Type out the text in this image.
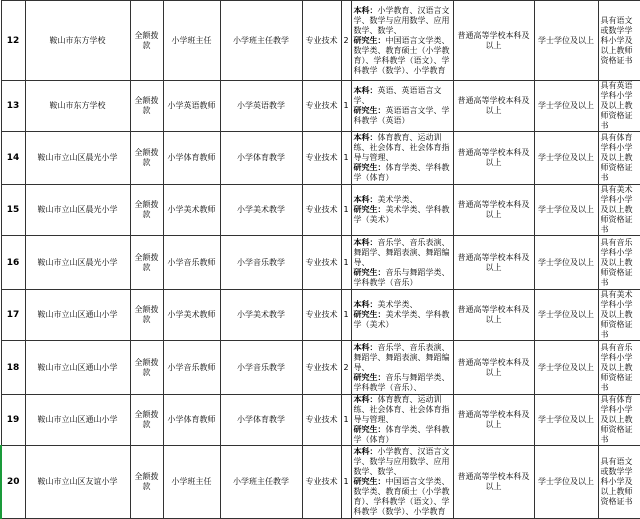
12	鞍山市东方学校	全额拨款	小学班主任	小学班主任教学	专业技术	2	本科：小学教育、汉语言文学、数学与应用数学、应用数学、数学、
研究生：中国语言文学类、数学类、教育硕士（小学教育）、学科教学（语文）、学科教学（数学）、小学教育	普通高等学校本科及以上	学士学位及以上	具有语文或数学学科小学及以上教师资格证书
13	鞍山市东方学校	全额拨款	小学英语教师	小学英语教学	专业技术	1	本科：英语、英语语言文学、
研究生：英语语言文学、学科教学（英语）	普通高等学校本科及以上	学士学位及以上	具有英语学科小学及以上教师资格证书
14	鞍山市立山区晨光小学	全额拨款	小学体育教师	小学体育教学	专业技术	1	本科：体育教育、运动训练、社会体育、社会体育指导与管理、
研究生：体育学类、学科教学（体育）	普通高等学校本科及以上	学士学位及以上	具有体育学科小学及以上教师资格证书
15	鞍山市立山区晨光小学	全额拨款	小学美术教师	小学美术教学	专业技术	1	本科：美术学类、
研究生：美术学类、学科教学（美术）	普通高等学校本科及以上	学士学位及以上	具有美术学科小学及以上教师资格证书
16	鞍山市立山区晨光小学	全额拨款	小学音乐教师	小学音乐教学	专业技术	1	本科：音乐学、音乐表演、舞蹈学、舞蹈表演、舞蹈编导、
研究生：音乐与舞蹈学类、学科教学（音乐）	普通高等学校本科及以上	学士学位及以上	具有音乐学科小学及以上教师资格证书
17	鞍山市立山区通山小学	全额拨款	小学美术教师	小学美术教学	专业技术	1	本科：美术学类、
研究生：美术学类、学科教学（美术）	普通高等学校本科及以上	学士学位及以上	具有美术学科小学及以上教师资格证书
18	鞍山市立山区通山小学	全额拨款	小学音乐教师	小学音乐教学	专业技术	2	本科：音乐学、音乐表演、舞蹈学、舞蹈表演、舞蹈编导、
研究生：音乐与舞蹈学类、学科教学（音乐）、	普通高等学校本科及以上	学士学位及以上	具有音乐学科小学及以上教师资格证书
19	鞍山市立山区通山小学	全额拨款	小学体育教师	小学体育教学	专业技术	1	本科：体育教育、运动训练、社会体育、社会体育指导与管理、
研究生：体育学类、学科教学（体育）	普通高等学校本科及以上	学士学位及以上	具有体育学科小学及以上教师资格证书
20	鞍山市立山区友谊小学	全额拨款	小学班主任	小学班主任教学	专业技术	1	本科：小学教育、汉语言文学、数学与应用数学、应用数学、数学、
研究生：中国语言文学类、数学类、教育硕士（小学教育）、学科教学（语文）、学科教学（数学）、小学教育	普通高等学校本科及以上	学士学位及以上	具有语文或数学学科小学及以上教师资格证书
